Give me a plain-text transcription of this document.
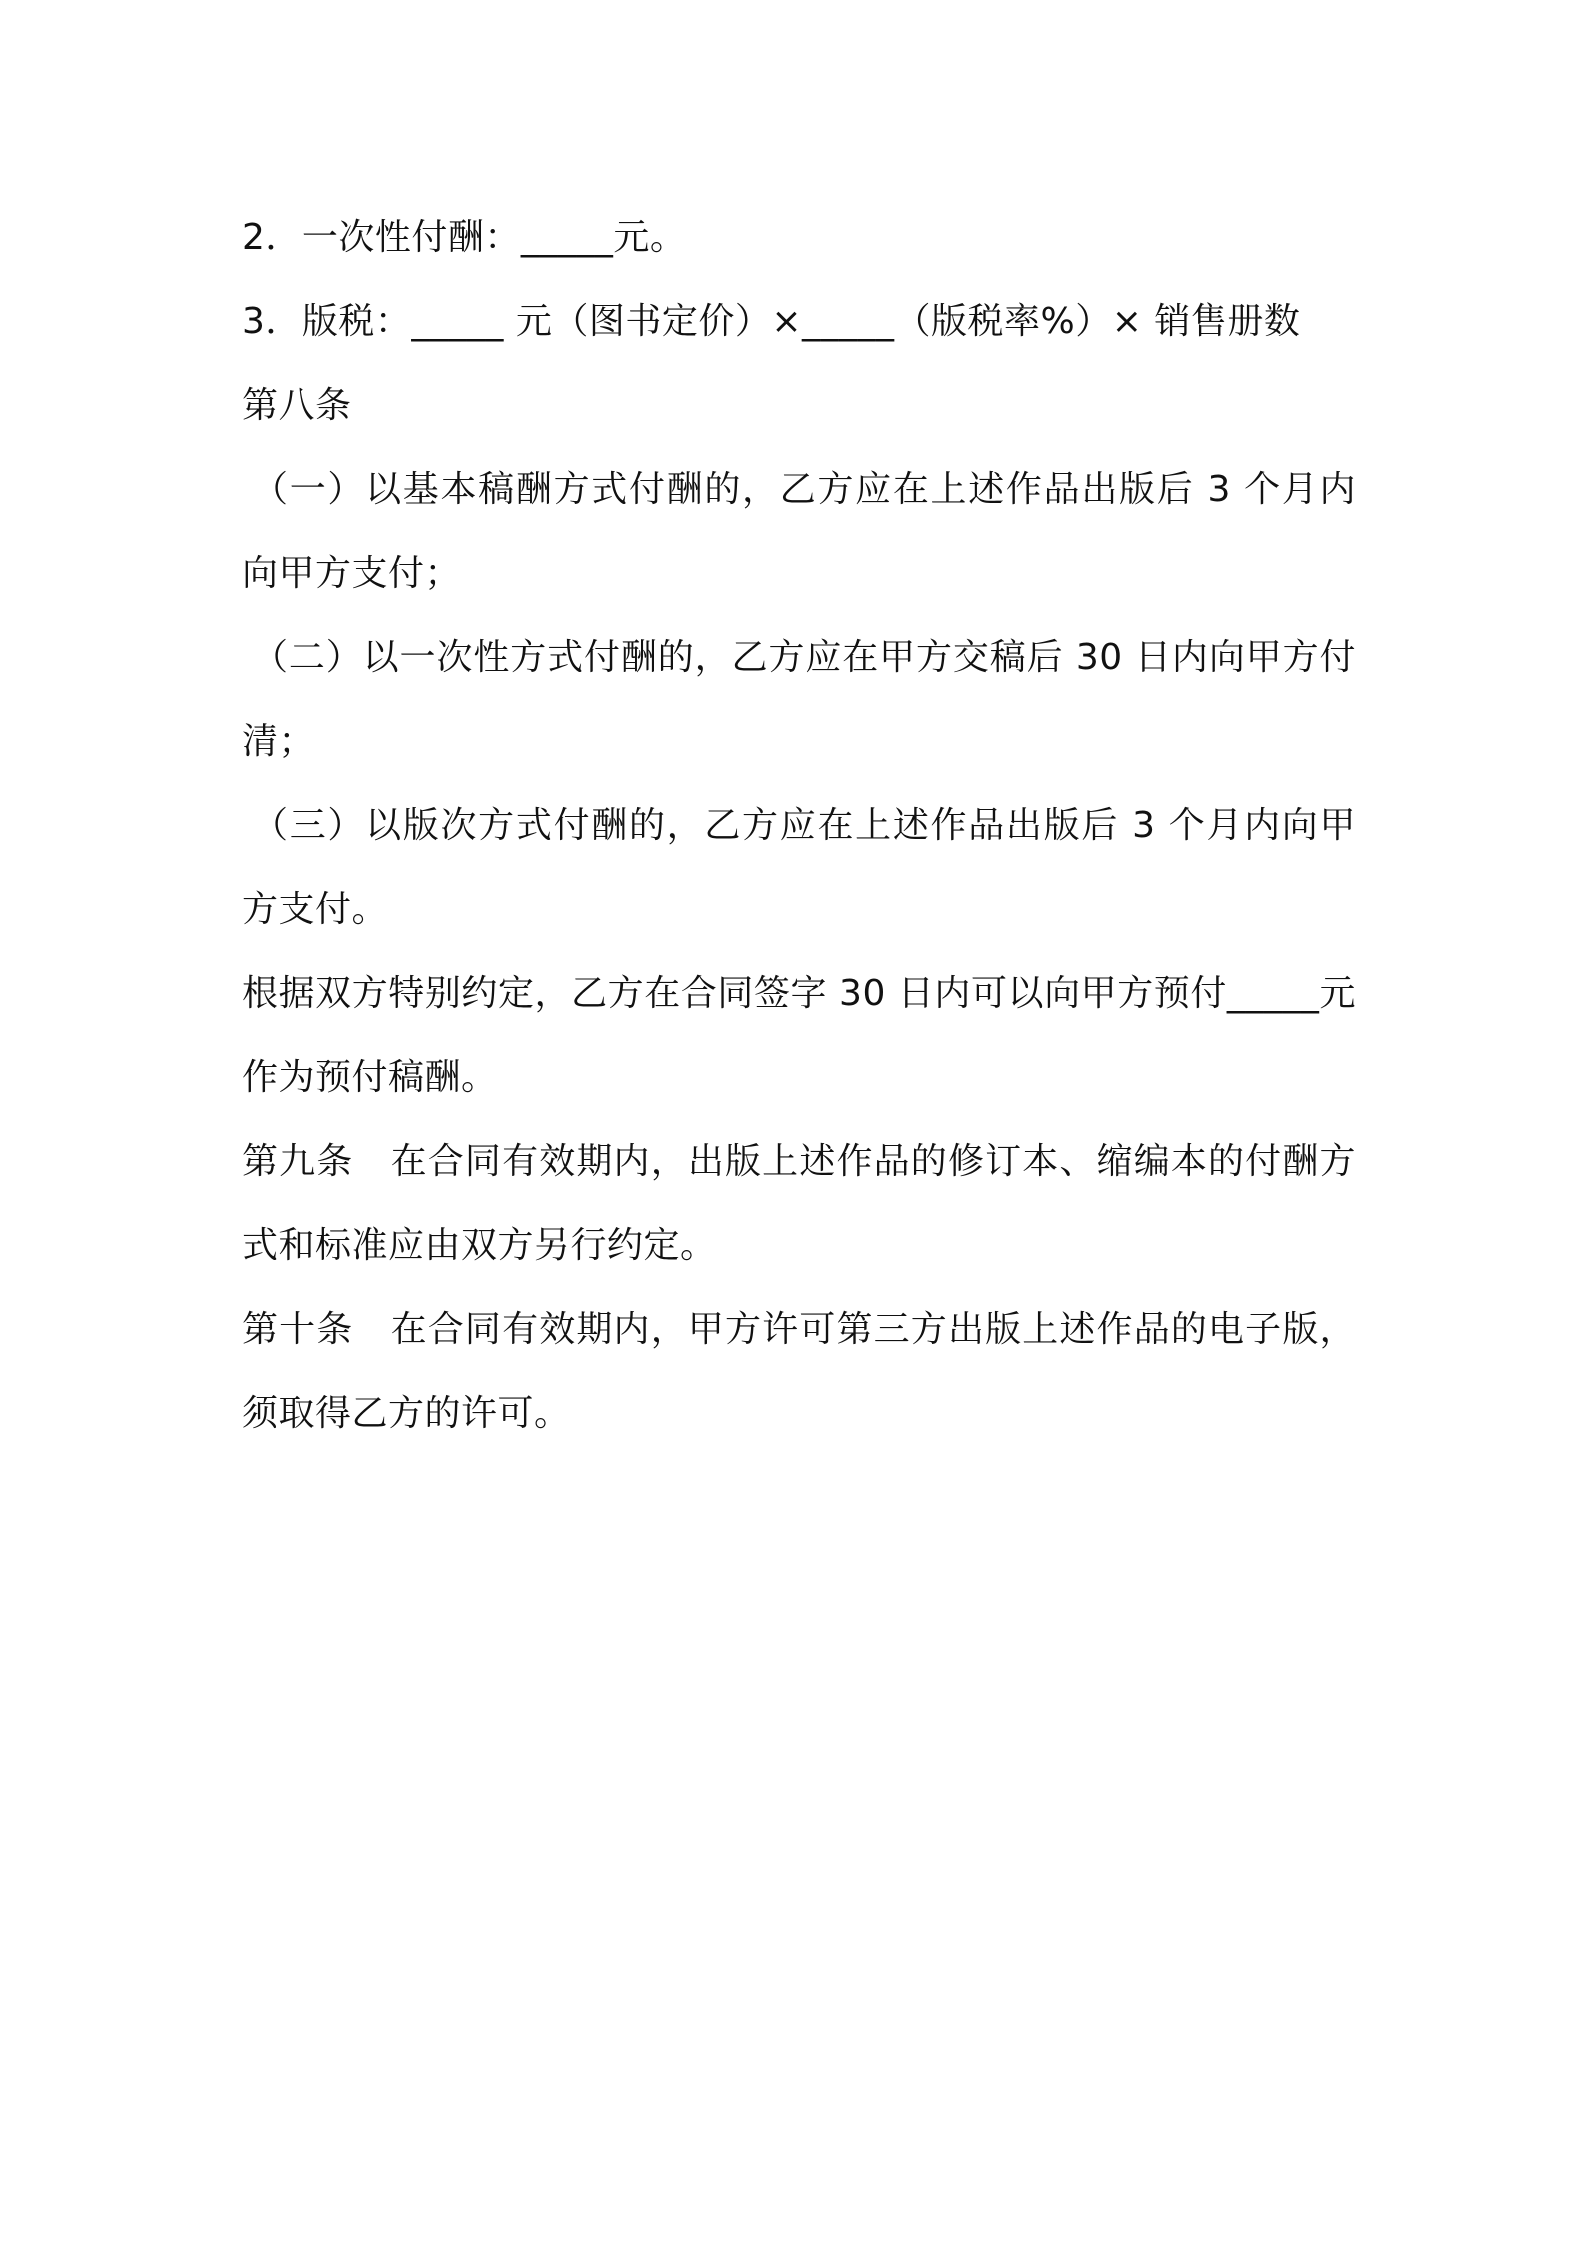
2．一次性付酬：_____元。

3．版税：_____ 元（图书定价）×_____（版税率%）× 销售册数

第八条

（一）以基本稿酬方式付酬的，乙方应在上述作品出版后 3 个月内向甲方支付；

（二）以一次性方式付酬的，乙方应在甲方交稿后 30 日内向甲方付清；

（三）以版次方式付酬的，乙方应在上述作品出版后 3 个月内向甲方支付。

根据双方特别约定，乙方在合同签字 30 日内可以向甲方预付_____元作为预付稿酬。

第九条　在合同有效期内，出版上述作品的修订本、缩编本的付酬方式和标准应由双方另行约定。

第十条　在合同有效期内，甲方许可第三方出版上述作品的电子版，须取得乙方的许可。
